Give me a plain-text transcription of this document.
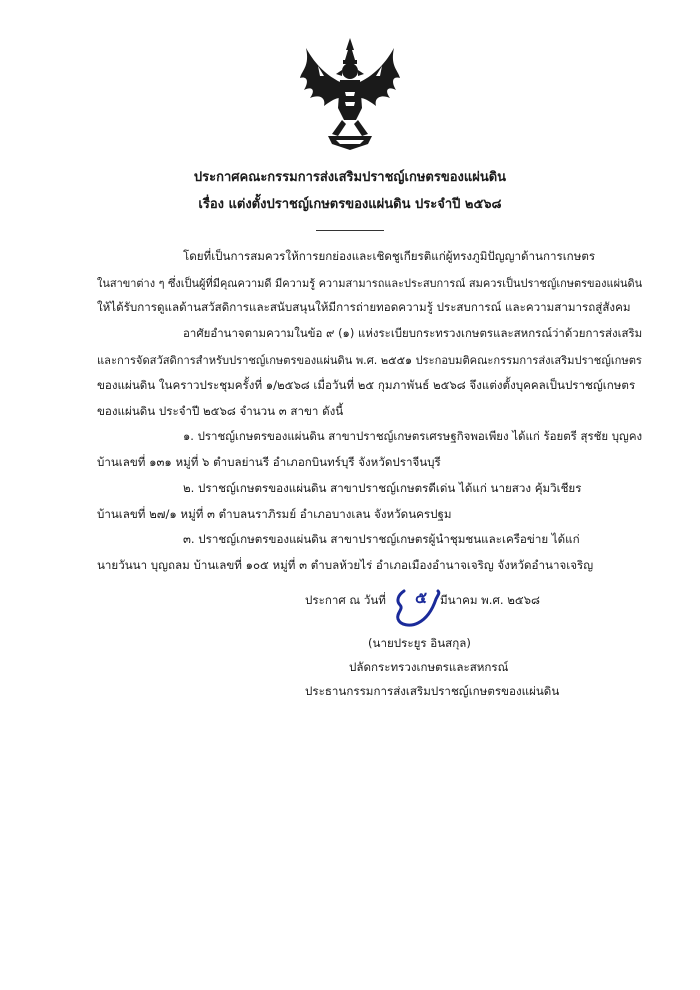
ประกาศคณะกรรมการส่งเสริมปราชญ์เกษตรของแผ่นดิน
เรื่อง แต่งตั้งปราชญ์เกษตรของแผ่นดิน ประจำปี ๒๕๖๘
โดยที่เป็นการสมควรให้การยกย่องและเชิดชูเกียรติแก่ผู้ทรงภูมิปัญญาด้านการเกษตร
ในสาขาต่าง ๆ ซึ่งเป็นผู้ที่มีคุณความดี มีความรู้ ความสามารถและประสบการณ์ สมควรเป็นปราชญ์เกษตรของแผ่นดิน
ให้ได้รับการดูแลด้านสวัสดิการและสนับสนุนให้มีการถ่ายทอดความรู้ ประสบการณ์ และความสามารถสู่สังคม
อาศัยอำนาจตามความในข้อ ๙ (๑) แห่งระเบียบกระทรวงเกษตรและสหกรณ์ว่าด้วยการส่งเสริม
และการจัดสวัสดิการสำหรับปราชญ์เกษตรของแผ่นดิน พ.ศ. ๒๕๕๑ ประกอบมติคณะกรรมการส่งเสริมปราชญ์เกษตร
ของแผ่นดิน ในคราวประชุมครั้งที่ ๑/๒๕๖๘ เมื่อวันที่ ๒๕ กุมภาพันธ์ ๒๕๖๘ จึงแต่งตั้งบุคคลเป็นปราชญ์เกษตร
ของแผ่นดิน ประจำปี ๒๕๖๘ จำนวน ๓ สาขา ดังนี้
๑. ปราชญ์เกษตรของแผ่นดิน สาขาปราชญ์เกษตรเศรษฐกิจพอเพียง ได้แก่ ร้อยตรี สุรชัย บุญคง
บ้านเลขที่ ๑๓๑ หมู่ที่ ๖ ตำบลย่านรี อำเภอกบินทร์บุรี จังหวัดปราจีนบุรี
๒. ปราชญ์เกษตรของแผ่นดิน สาขาปราชญ์เกษตรดีเด่น ได้แก่ นายสวง คุ้มวิเชียร
บ้านเลขที่ ๒๗/๑ หมู่ที่ ๓ ตำบลนราภิรมย์ อำเภอบางเลน จังหวัดนครปฐม
๓. ปราชญ์เกษตรของแผ่นดิน สาขาปราชญ์เกษตรผู้นำชุมชนและเครือข่าย ได้แก่
นายวันนา บุญถลม บ้านเลขที่ ๑๐๕ หมู่ที่ ๓ ตำบลห้วยไร่ อำเภอเมืองอำนาจเจริญ จังหวัดอำนาจเจริญ
ประกาศ ณ วันที่ ๕ มีนาคม พ.ศ. ๒๕๖๘
(นายประยูร อินสกุล)
ปลัดกระทรวงเกษตรและสหกรณ์
ประธานกรรมการส่งเสริมปราชญ์เกษตรของแผ่นดิน
